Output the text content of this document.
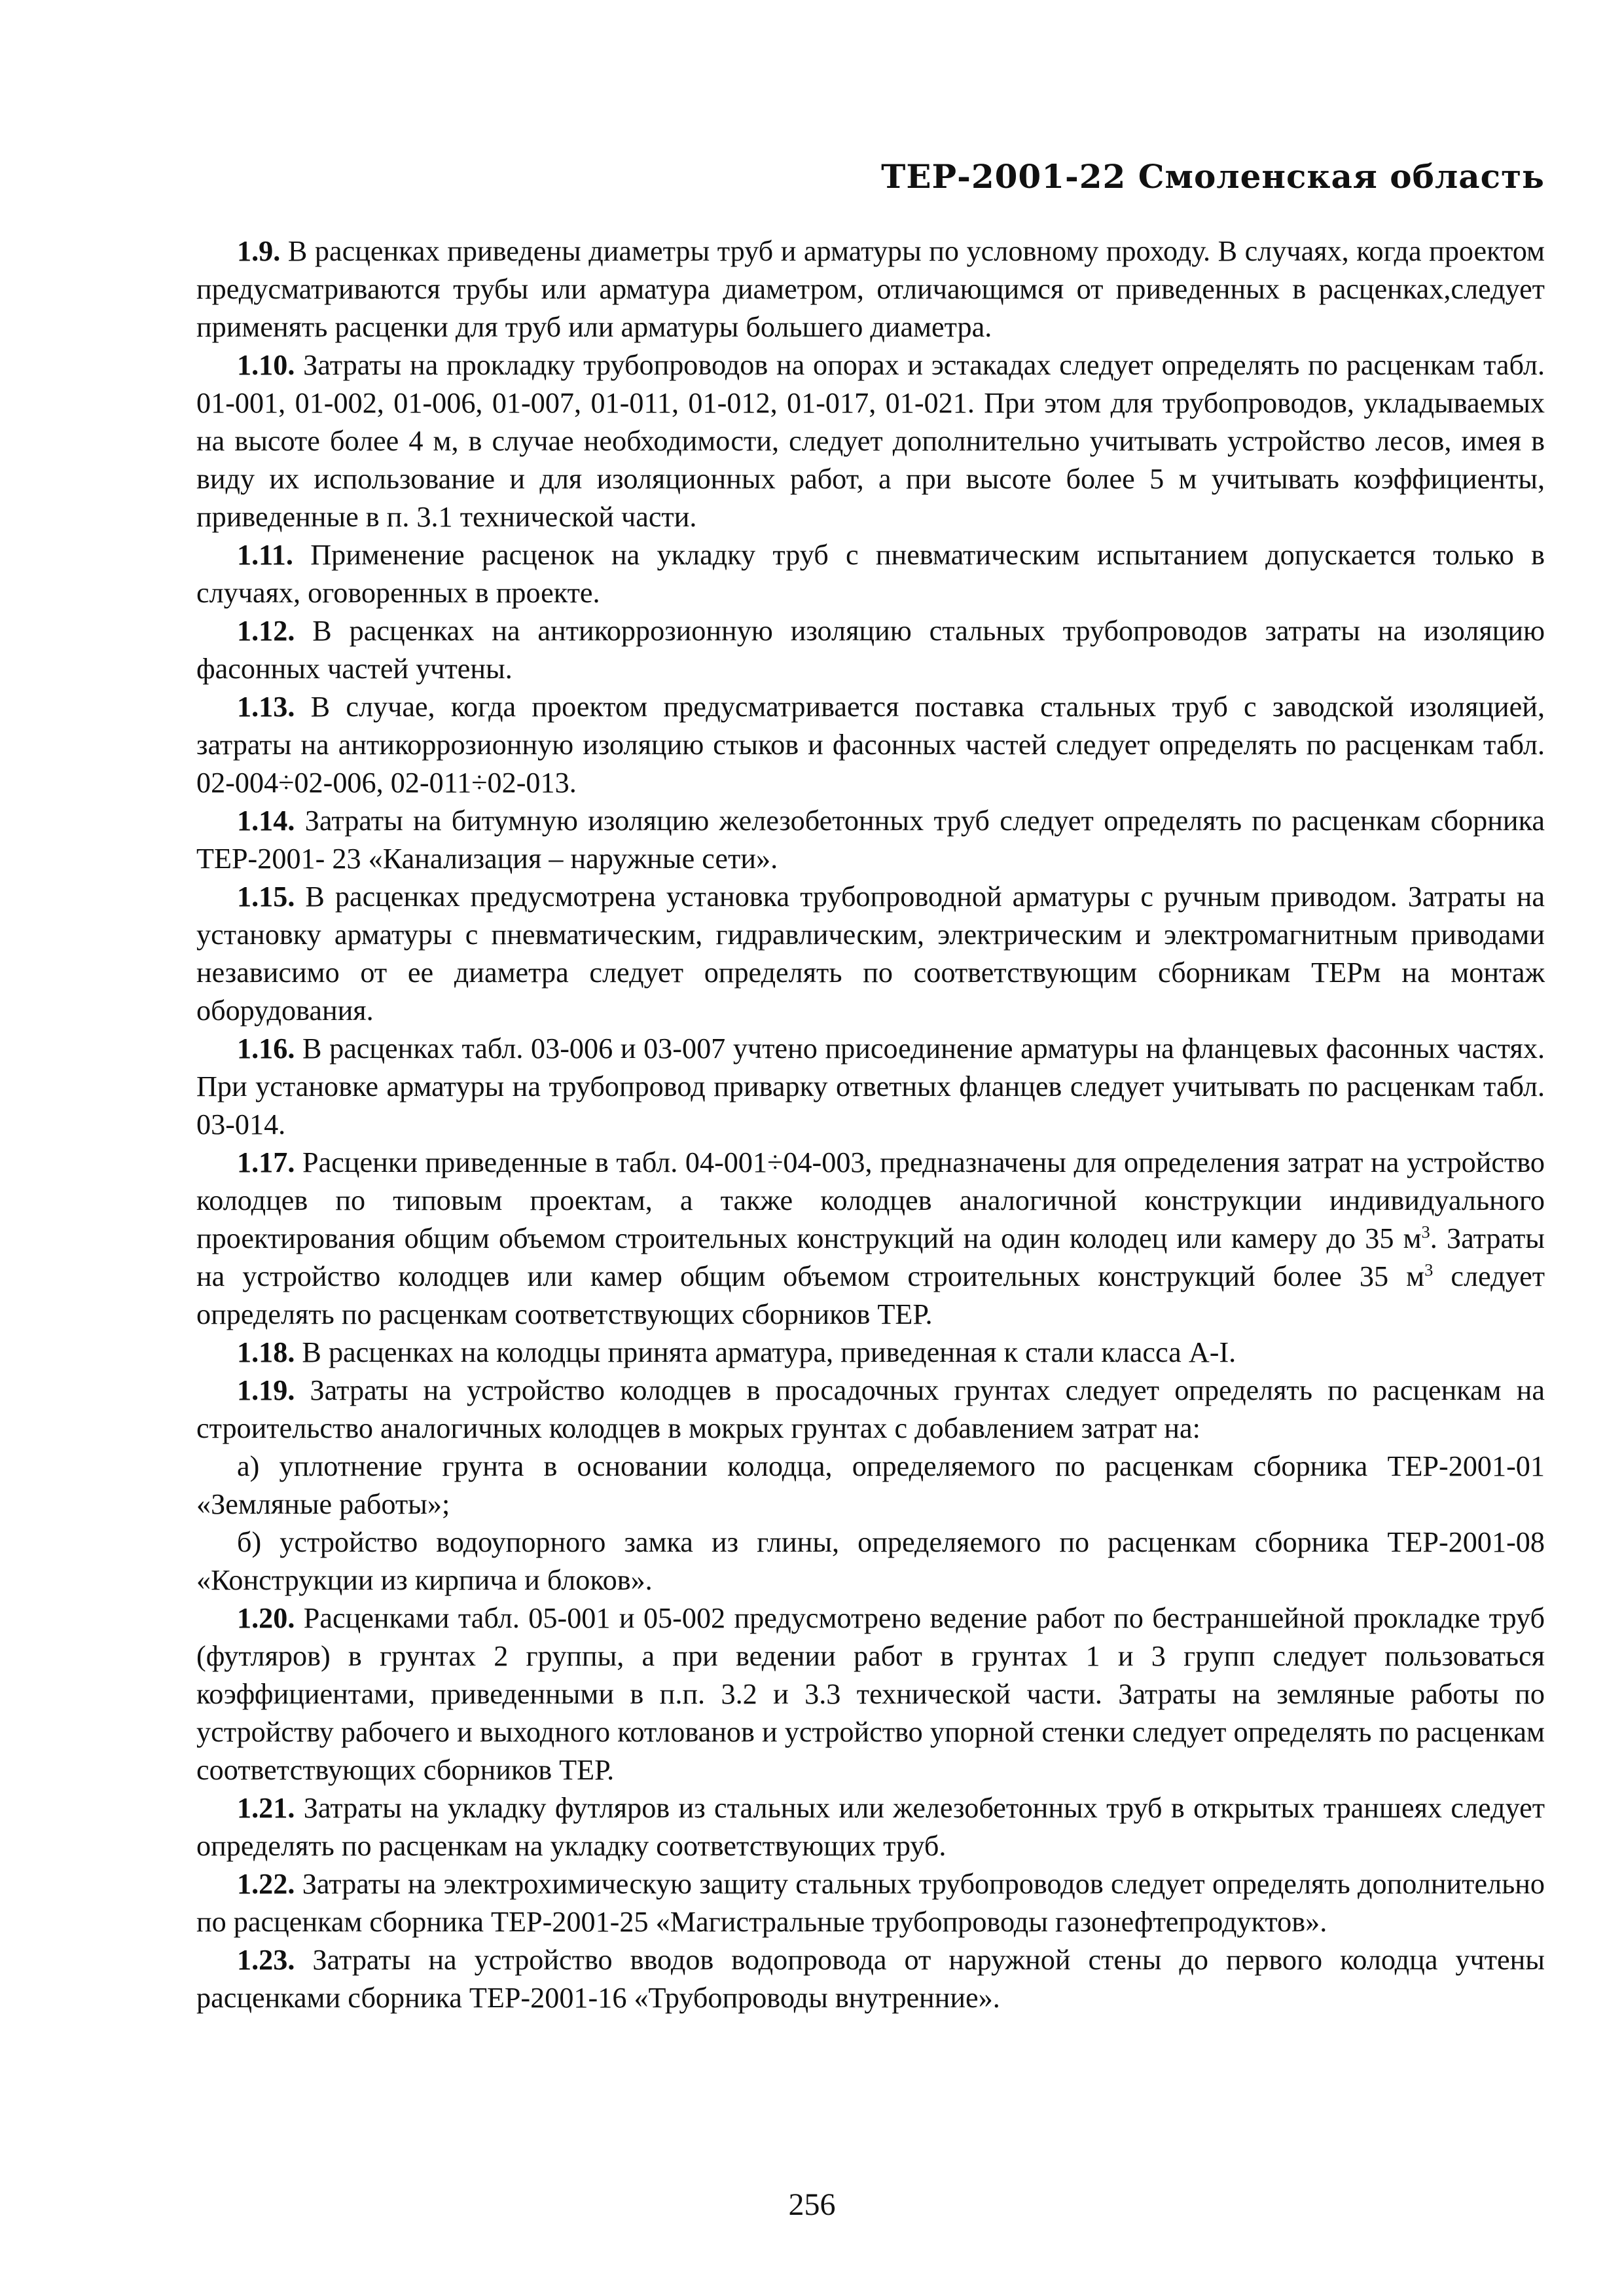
ТЕР-2001-22 Смоленская область

1.9. В расценках приведены диаметры труб и арматуры по условному проходу. В случаях, когда проектом предусматриваются трубы или арматура диаметром, отличающимся от приведенных в расценках,следует применять расценки для труб или арматуры большего диаметра.

1.10. Затраты на прокладку трубопроводов на опорах и эстакадах следует определять по расценкам табл. 01-001, 01-002, 01-006, 01-007, 01-011, 01-012, 01-017, 01-021. При этом для трубопроводов, укладываемых на высоте более 4 м, в случае необходимости, следует дополнительно учитывать устройство лесов, имея в виду их использование и для изоляционных работ, а при высоте более 5 м учитывать коэффициенты, приведенные в п. 3.1 технической части.

1.11. Применение расценок на укладку труб с пневматическим испытанием допускается только в случаях, оговоренных в проекте.

1.12. В расценках на антикоррозионную изоляцию стальных трубопроводов затраты на изоляцию фасонных частей учтены.

1.13. В случае, когда проектом предусматривается поставка стальных труб с заводской изоляцией, затраты на антикоррозионную изоляцию стыков и фасонных частей следует определять по расценкам табл. 02-004÷02-006, 02-011÷02-013.

1.14. Затраты на битумную изоляцию железобетонных труб следует определять по расценкам сборника ТЕР-2001- 23 «Канализация – наружные сети».

1.15. В расценках предусмотрена установка трубопроводной арматуры с ручным приводом. Затраты на установку арматуры с пневматическим, гидравлическим, электрическим и электромагнитным приводами независимо от ее диаметра следует определять по соответствующим сборникам ТЕРм на монтаж оборудования.

1.16. В расценках табл. 03-006 и 03-007 учтено присоединение арматуры на фланцевых фасонных частях. При установке арматуры на трубопровод приварку ответных фланцев следует учитывать по расценкам табл. 03-014.

1.17. Расценки приведенные в табл. 04-001÷04-003, предназначены для определения затрат на устройство колодцев по типовым проектам, а также колодцев аналогичной конструкции индивидуального проектирования общим объемом строительных конструкций на один колодец или камеру до 35 $м^3$. Затраты на устройство колодцев или камер общим объемом строительных конструкций более 35 $м^3$ следует определять по расценкам соответствующих сборников ТЕР.

1.18. В расценках на колодцы принята арматура, приведенная к стали класса А-I.

1.19. Затраты на устройство колодцев в просадочных грунтах следует определять по расценкам на строительство аналогичных колодцев в мокрых грунтах с добавлением затрат на:

а) уплотнение грунта в основании колодца, определяемого по расценкам сборника ТЕР-2001-01 «Земляные работы»;

б) устройство водоупорного замка из глины, определяемого по расценкам сборника ТЕР-2001-08 «Конструкции из кирпича и блоков».

1.20. Расценками табл. 05-001 и 05-002 предусмотрено ведение работ по бестраншейной прокладке труб (футляров) в грунтах 2 группы, а при ведении работ в грунтах 1 и 3 групп следует пользоваться коэффициентами, приведенными в п.п. 3.2 и 3.3 технической части. Затраты на земляные работы по устройству рабочего и выходного котлованов и устройство упорной стенки следует определять по расценкам соответствующих сборников ТЕР.

1.21. Затраты на укладку футляров из стальных или железобетонных труб в открытых траншеях следует определять по расценкам на укладку соответствующих труб.

1.22. Затраты на электрохимическую защиту стальных трубопроводов следует определять дополнительно по расценкам сборника ТЕР-2001-25 «Магистральные трубопроводы газонефтепродуктов».

1.23. Затраты на устройство вводов водопровода от наружной стены до первого колодца учтены расценками сборника ТЕР-2001-16 «Трубопроводы внутренние».

256
